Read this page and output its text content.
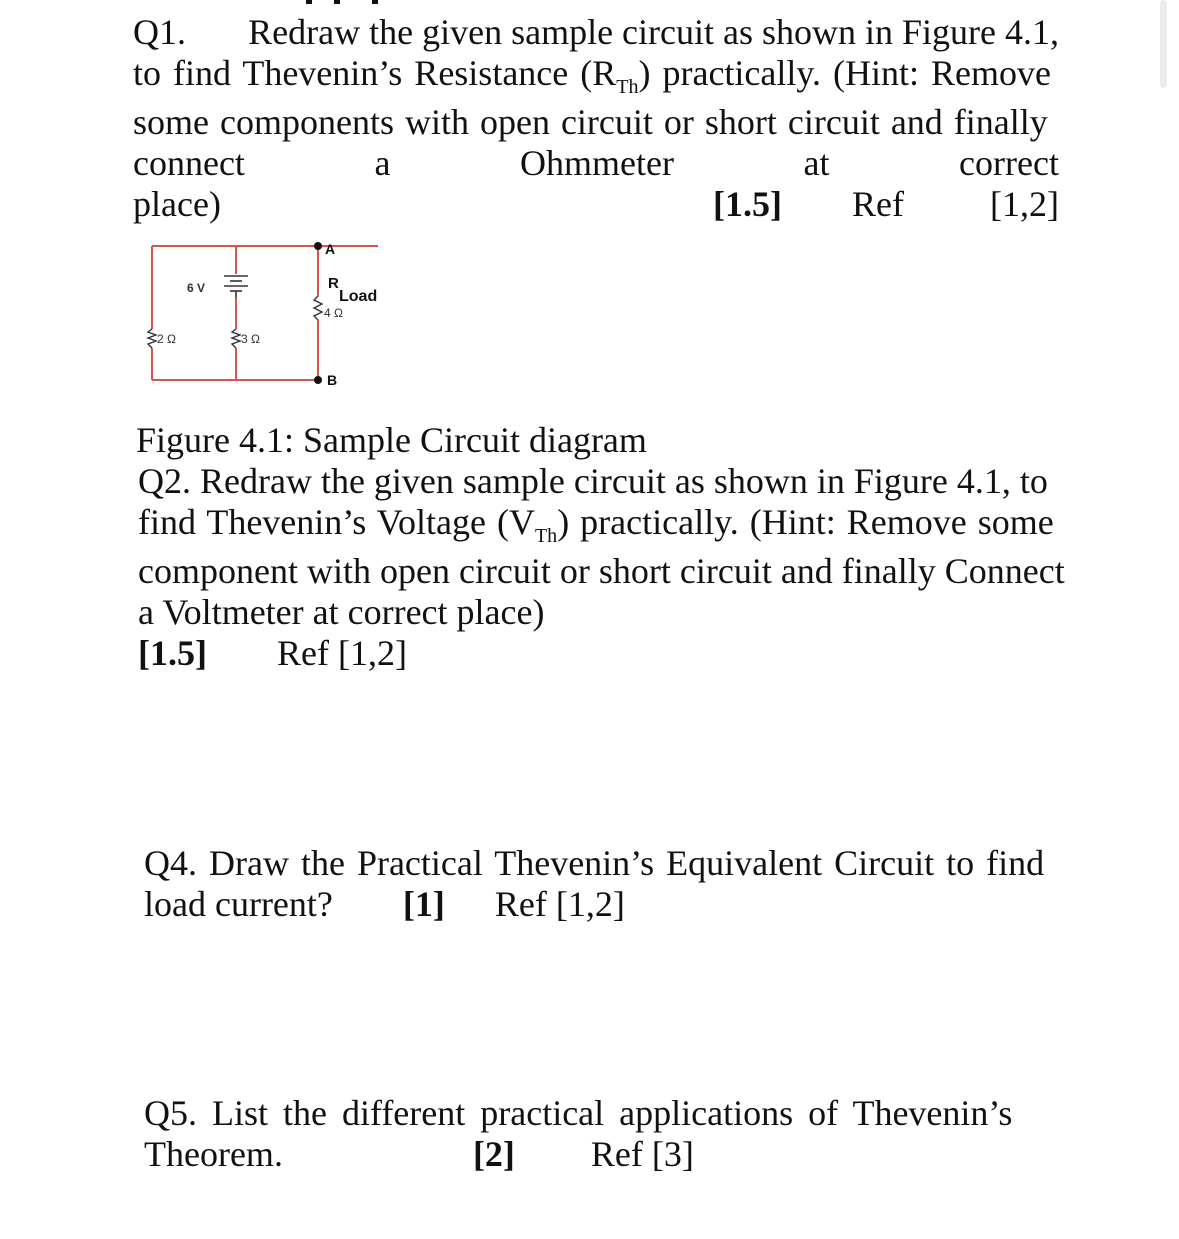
Q1. Redraw the given sample circuit as shown in Figure 4.1,
to find Thevenin’s Resistance $(R_{Th})$ practically. (Hint: Remove
some components with open circuit or short circuit and finally
connect	a	Ohmmeter	at	correct
place)	[1.5] Ref [1,2]
A
B
6 V
2 Ω	3 Ω
R
Load
4 Ω
Figure 4.1: Sample Circuit diagram
Q2. Redraw the given sample circuit as shown in Figure 4.1, to
find Thevenin’s Voltage $(V_{Th})$ practically. (Hint: Remove some
component with open circuit or short circuit and finally Connect
a Voltmeter at correct place)
[1.5] Ref [1,2]
Q4. Draw the Practical Thevenin’s Equivalent Circuit to find
load current? [1] Ref [1,2]
Q5. List the different practical applications of Thevenin’s
Theorem.	[2] Ref [3]
